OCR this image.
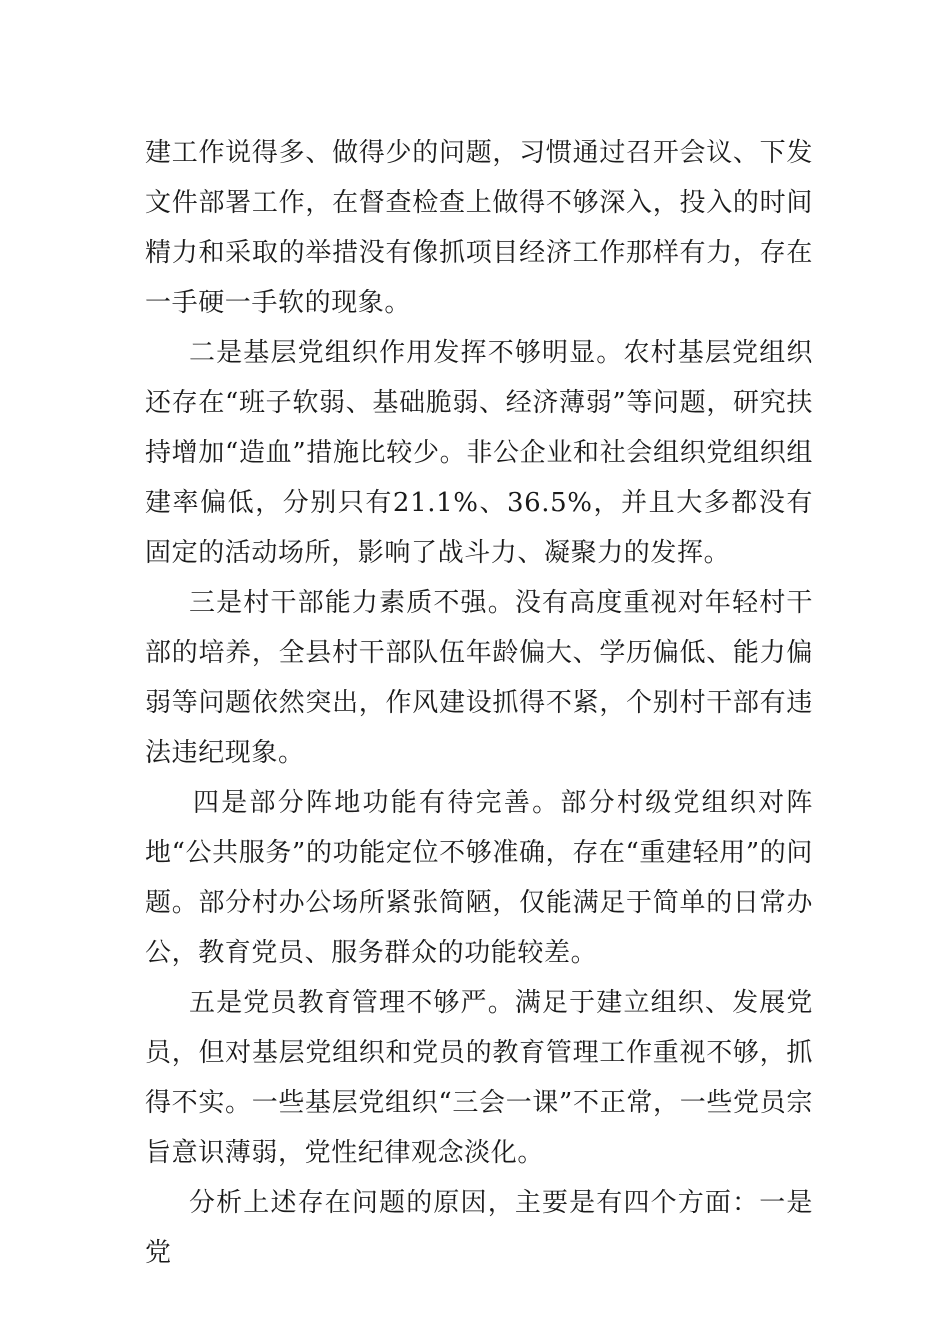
建工作说得多、做得少的问题，习惯通过召开会议、下发文件部署工作，在督查检查上做得不够深入，投入的时间精力和采取的举措没有像抓项目经济工作那样有力，存在一手硬一手软的现象。

二是基层党组织作用发挥不够明显。农村基层党组织还存在“班子软弱、基础脆弱、经济薄弱”等问题，研究扶持增加“造血”措施比较少。非公企业和社会组织党组织组建率偏低，分别只有21.1%、36.5%，并且大多都没有固定的活动场所，影响了战斗力、凝聚力的发挥。

三是村干部能力素质不强。没有高度重视对年轻村干部的培养，全县村干部队伍年龄偏大、学历偏低、能力偏弱等问题依然突出，作风建设抓得不紧，个别村干部有违法违纪现象。

四是部分阵地功能有待完善。部分村级党组织对阵地“公共服务”的功能定位不够准确，存在“重建轻用”的问题。部分村办公场所紧张简陋，仅能满足于简单的日常办公，教育党员、服务群众的功能较差。

五是党员教育管理不够严。满足于建立组织、发展党员，但对基层党组织和党员的教育管理工作重视不够，抓得不实。一些基层党组织“三会一课”不正常，一些党员宗旨意识薄弱，党性纪律观念淡化。

分析上述存在问题的原因，主要是有四个方面：一是党
